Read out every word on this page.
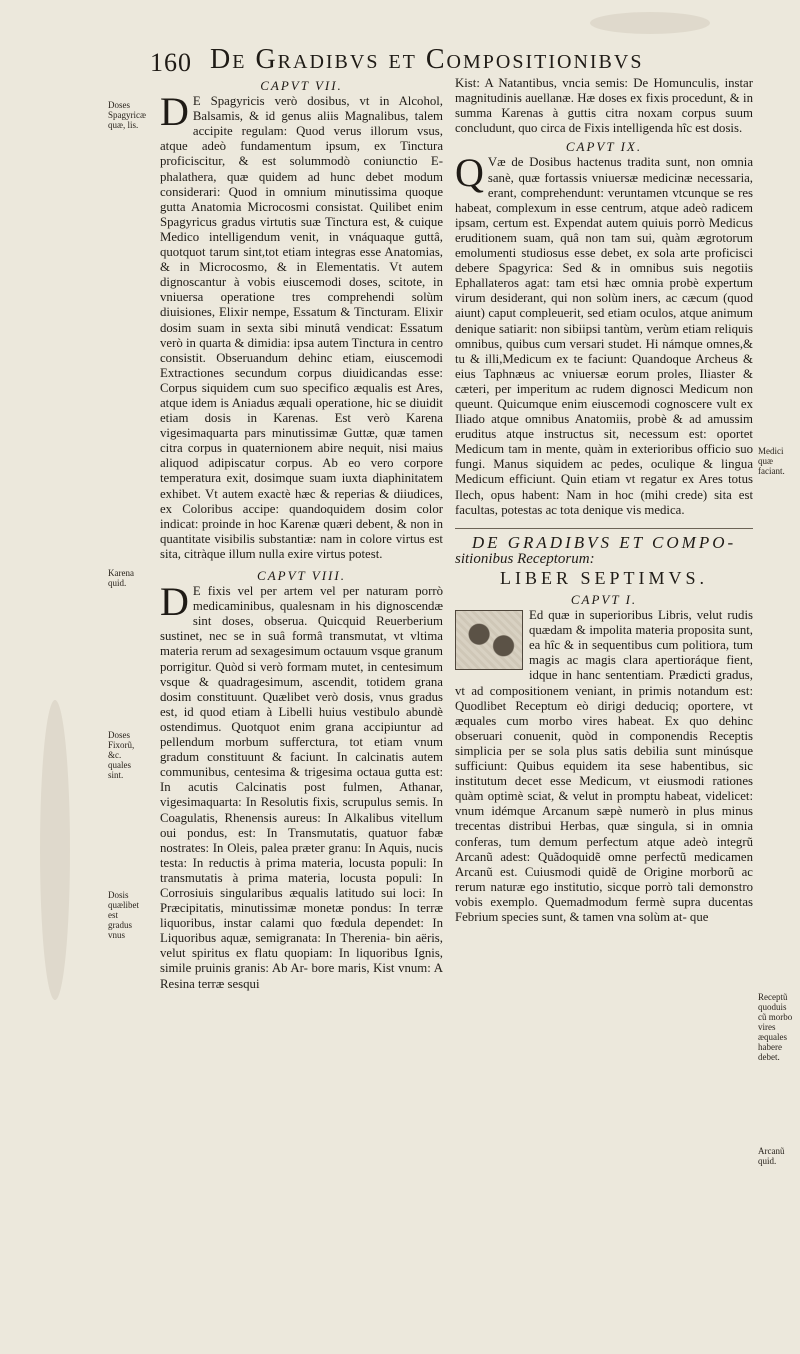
160 De Gradibvs et Compositionibvs
Doses Spagyricæ quæ, lis.
Karena quid.
Doses Fixorũ, &c. quales sint.
Dosis quælibet est gradus vnus
Medici quæ faciant.
Receptũ quoduis cũ morbo vires æquales habere debet.
Arcanũ quid.
CAPVT VII.

D E Spagyricis verò dosibus, vt in Alcohol, Balsamis, & id genus aliis Magnalibus, talem accipite regulam: Quod verus illorum vsus, atque adeò fundamentum ipsum, ex Tinctura proficiscitur, & est solummodò coniunctio E-phalathera, quæ quidem ad hunc debet modum considerari: Quod in omnium minutissima quoque gutta Anatomia Microcosmi consistat. Quilibet enim Spagyricus gradus virtutis suæ Tinctura est, & cuique Medico intelligendum venit, in vnáquaque guttâ, quotquot tarum sint,tot etiam integras esse Anatomias, & in Microcosmo, & in Elementatis. Vt autem dignoscantur à vobis eiuscemodi doses, scitote, in vniuersa operatione tres comprehendi solùm diuisiones, Elixir nempe, Essatum & Tincturam. Elixir dosim suam in sexta sibi minutâ vendicat: Essatum verò in quarta & dimidia: ipsa autem Tinctura in centro consistit. Obseruandum dehinc etiam, eiuscemodi Extractiones secundum corpus diuidicandas esse: Corpus siquidem cum suo specifico æqualis est Ares, atque idem is Aniadus æquali operatione, hic se diuidit etiam dosis in Karenas. Est verò Karena vigesimaquarta pars minutissimæ Guttæ, quæ tamen citra corpus in quaternionem abire nequit, nisi maius aliquod adipiscatur corpus. Ab eo vero corpore temperatura exit, dosimque suam iuxta diaphinitatem exhibet. Vt autem exactè hæc & reperias & diiudices, ex Coloribus accipe: quandoquidem dosim color indicat: proinde in hoc Karenæ quæri debent, & non in quantitate visibilis substantiæ: nam in colore virtus est sita, citràque illum nulla exire virtus potest.

CAPVT VIII.

D E fixis vel per artem vel per naturam porrò medicaminibus, qualesnam in his dignoscendæ sint doses, obserua. Quicquid Reuerberium sustinet, nec se in suâ formâ transmutat, vt vltima materia rerum ad sexagesimum octauum vsque granum porrigitur. Quòd si verò formam mutet, in centesimum vsque & quadragesimum, ascendit, totidem grana dosim constituunt. Quælibet verò dosis, vnus gradus est, id quod etiam à Libelli huius vestibulo abundè ostendimus. Quotquot enim grana accipiuntur ad pellendum morbum sufferctura, tot etiam vnum gradum constituunt & faciunt. In calcinatis autem communibus, centesima & trigesima octaua gutta est: In acutis Calcinatis post fulmen, Athanar, vigesimaquarta: In Resolutis fixis, scrupulus semis. In Coagulatis, Rhenensis aureus: In Alkalibus vitellum oui pondus, est: In Transmutatis, quatuor fabæ nostrates: In Oleis, palea præter granu: In Aquis, nucis testa: In reductis à prima materia, locusta populi: In transmutatis à prima materia, locusta populi: In Corrosiuis singularibus æqualis latitudo sui loci: In Præcipitatis, minutissimæ monetæ pondus: In terræ liquoribus, instar calami quo fœdula dependet: In Liquoribus aquæ, semigranata: In Therenia- bin aëris, velut spiritus ex flatu quopiam: In liquoribus Ignis, simile pruinis granis: Ab Ar- bore maris, Kist vnum: A Resina terræ sesqui

Kist: A Natantibus, vncia semis: De Homunculis, instar magnitudinis auellanæ. Hæ doses ex fixis procedunt, & in summa Karenas à guttis citra noxam corpus suum concludunt, quo circa de Fixis intelligenda hîc est dosis.

CAPVT IX.

Q Væ de Dosibus hactenus tradita sunt, non omnia sanè, quæ fortassis vniuersæ medicinæ necessaria, erant, comprehendunt: veruntamen vtcunque se res habeat, complexum in esse centrum, atque adeò radicem ipsam, certum est. Expendat autem quiuis porrò Medicus eruditionem suam, quâ non tam sui, quàm ægrotorum emolumenti studiosus esse debet, ex sola arte proficisci debere Spagyrica: Sed & in omnibus suis negotiis Ephallateros agat: tam etsi hæc omnia probè expertum virum desiderant, qui non solùm iners, ac cæcum (quod aiunt) caput compleuerit, sed etiam oculos, atque animum denique satiarit: non sibiipsi tantùm, verùm etiam reliquis omnibus, quibus cum versari studet. Hi námque omnes,& tu & illi,Medicum ex te faciunt: Quandoque Archeus & eius Taphnæus ac vniuersæ eorum proles, Iliaster & cæteri, per imperitum ac rudem dignosci Medicum non queunt. Quicumque enim eiuscemodi cognoscere vult ex Iliado atque omnibus Anatomiis, probè & ad amussim eruditus atque instructus sit, necessum est: oportet Medicum tam in mente, quàm in exterioribus officio suo fungi. Manus siquidem ac pedes, oculique & lingua Medicum efficiunt. Quin etiam vt regatur ex Ares totus Ilech, opus habent: Nam in hoc (mihi crede) sita est facultas, potestas ac tota denique vis medica.

DE GRADIBVS ET COMPO-
sitionibus Receptorum:
LIBER SEPTIMVS.
CAPVT I.

Ed quæ in superioribus Libris, velut rudis quædam & impolita materia proposita sunt, ea hîc & in sequentibus cum politiora, tum magis ac magis clara apertioráque fient, idque in hanc sententiam. Prædicti gradus, vt ad compositionem veniant, in primis notandum est: Quodlibet Receptum eò dirigi deduciq; oportere, vt æquales cum morbo vires habeat. Ex quo dehinc obseruari conuenit, quòd in componendis Receptis simplicia per se sola plus satis debilia sunt minúsque sufficiunt: Quibus equidem ita sese habentibus, sic institutum decet esse Medicum, vt eiusmodi rationes quàm optimè sciat, & velut in promptu habeat, videlicet: vnum idémque Arcanum sæpè numerò in plus minus trecentas distribui Herbas, quæ singula, si in omnia conferas, tum demum perfectum atque adeò integrũ Arcanũ adest: Quãdoquidẽ omne perfectũ medicamen Arcanũ est. Cuiusmodi quidẽ de Origine morborũ ac rerum naturæ ego institutio, sicque porrò tali demonstro vobis exemplo. Quemadmodum fermè supra ducentas Febrium species sunt, & tamen vna solùm at- que
